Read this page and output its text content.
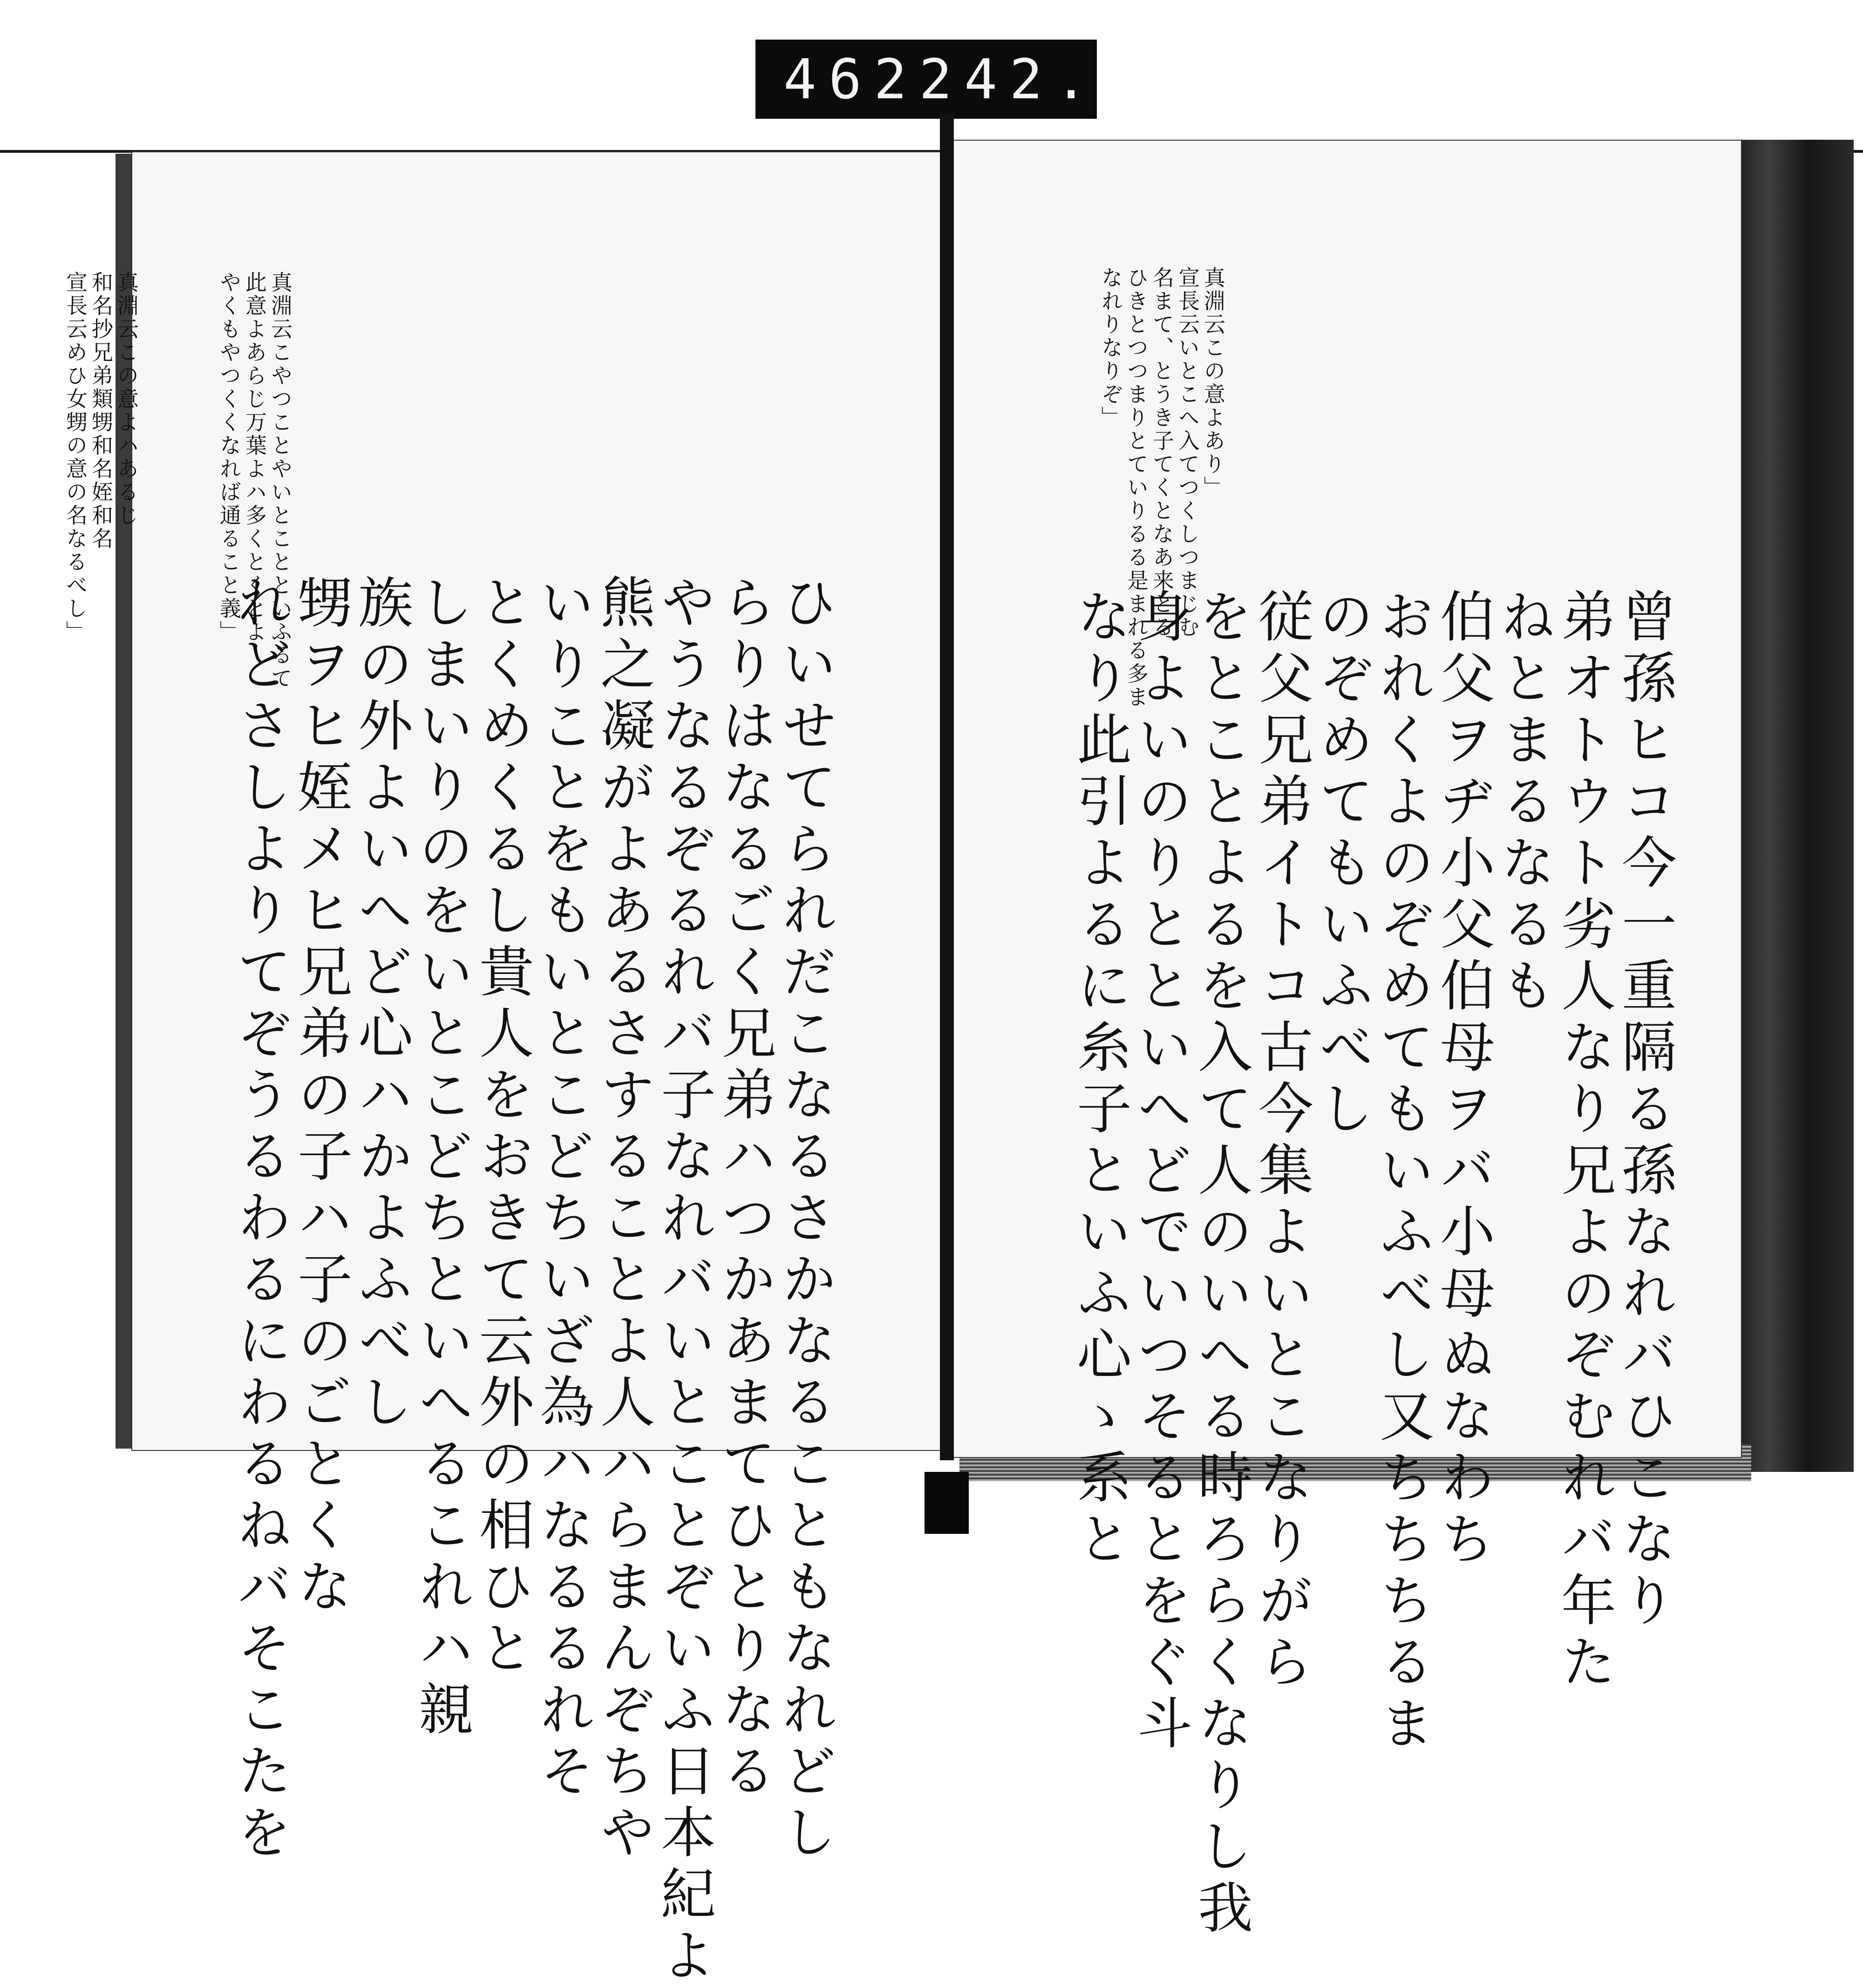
462 242.
真淵云こやつことやいとことといふるて
此意よあらじ万葉よハ多くとくとよ
やくもやつくくなれば通ること義」
真淵云この意よハあるじ
和名抄兄弟類甥和名姪和名
宣長云めひ女甥の意の名なるべし」
ひいせてられだこなるさかなることもなれどし
らりはなるごく兄弟ハつかあまてひとりなる
やうなるぞるれバ子なれバいとことぞいふ日本紀よ
熊之凝がよあるさすることよ人ハらまんぞちや
いりことをもいとこどちいざ為ハなるるれそ
とくめくるし貴人をおきて云外の相ひと
しまいりのをいとこどちといへるこれハ親
族の外よいへど心ハかよふべし
甥ヲヒ姪メヒ兄弟の子ハ子のごとくな
れどさしよりてぞうるわるにわるねバそこたを
真淵云この意よあり」
宣長云いとこへ入てつくしつまじむ
名まて、とうき子てくとなあ来とる
ひきとつつまりとていりるる是まれる多ま
なれりなりぞ」
曾孫ヒコ今一重隔る孫なれバひこなり
弟オトウト劣人なり兄よのぞむれバ年た
ねとまるなるも
伯父ヲヂ小父伯母ヲバ小母ぬなわち
おれくよのぞめてもいふべし又ちちちるま
のぞめてもいふべし
従父兄弟イトコ古今集よいとこなりがら
をとことよるを入て人のいへる時ろらくなりし我
身よいのりとといへどでいつそるとをぐ斗
なり此引よるに糸子といふ心ゝ系と
